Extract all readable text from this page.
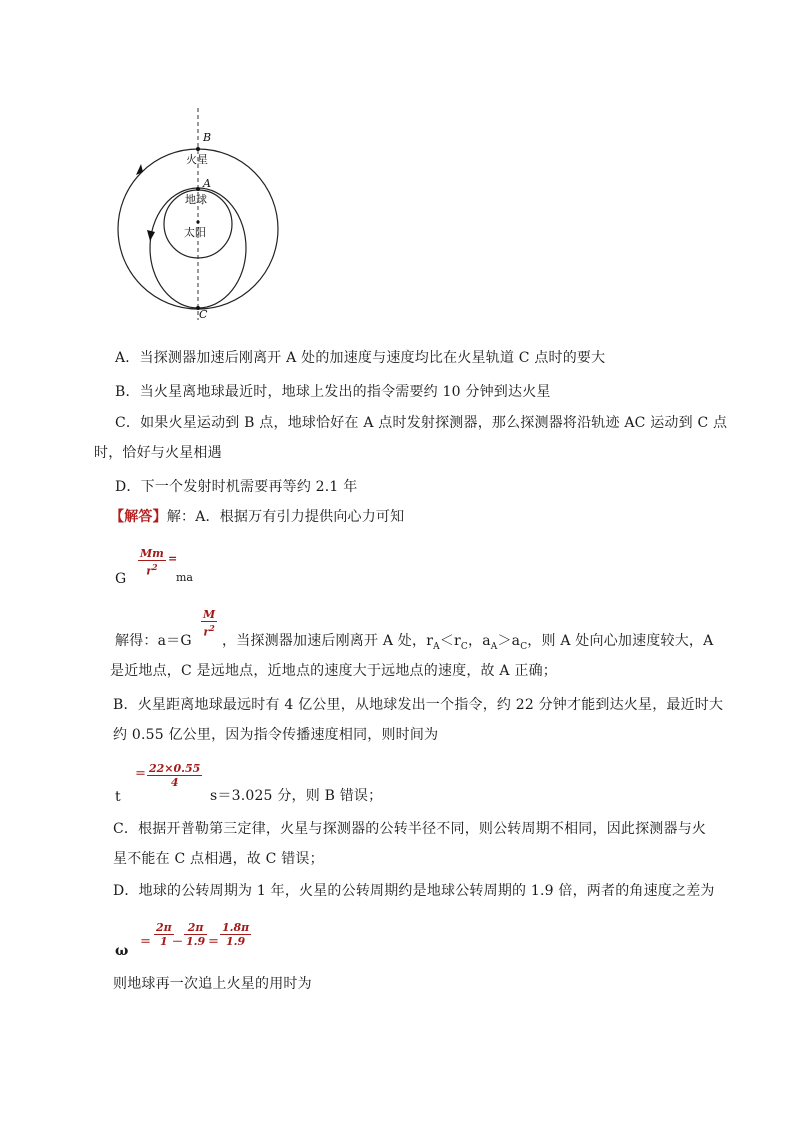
B
火星
A
地球
太阳
C
A．当探测器加速后刚离开 A 处的加速度与速度均比在火星轨道 C 点时的要大
B．当火星离地球最近时，地球上发出的指令需要约 10 分钟到达火星
C．如果火星运动到 B 点，地球恰好在 A 点时发射探测器，那么探测器将沿轨迹 AC 运动到 C 点
时，恰好与火星相遇
D．下一个发射时机需要再等约 2.1 年
【解答】解：A．根据万有引力提供向心力可知
G
$\frac{Mm}{r^2}$ =
ma
解得：a＝G
$\frac{M}{r^2}$
，当探测器加速后刚离开 A 处，$r_A<r_C$，$a_A>a_C$，则 A 处向心加速度较大，A
是近地点，C 是远地点，近地点的速度大于远地点的速度，故 A 正确；
B．火星距离地球最远时有 4 亿公里，从地球发出一个指令，约 22 分钟才能到达火星，最近时大
约 0.55 亿公里，因为指令传播速度相同，则时间为
t
＝ $\frac{22\times 0.55}{4}$
s＝3.025 分，则 B 错误；
C．根据开普勒第三定律，火星与探测器的公转半径不同，则公转周期不相同，因此探测器与火
星不能在 C 点相遇，故 C 错误；
D．地球的公转周期为 1 年，火星的公转周期约是地球公转周期的 1.9 倍，两者的角速度之差为
ω
＝ $\frac{2\pi}{1}$
－ $\frac{2\pi}{1.9} = \frac{1.8\pi}{1.9}$
则地球再一次追上火星的用时为
